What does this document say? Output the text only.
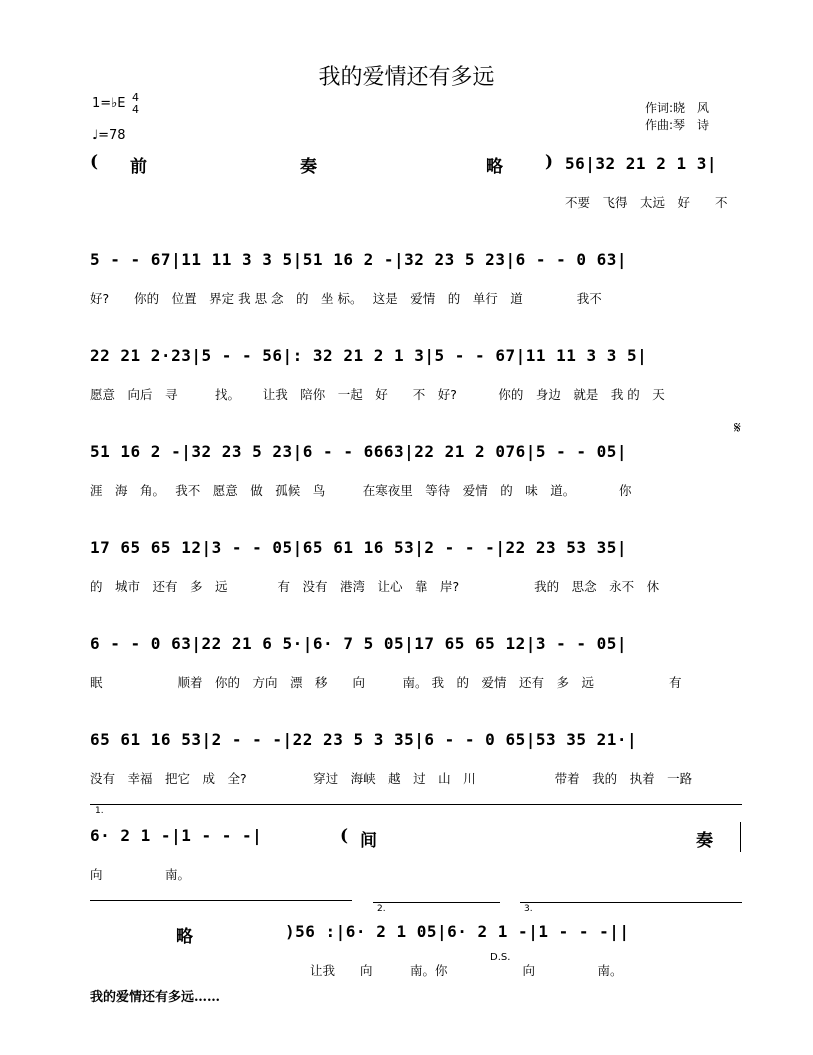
我的爱情还有多远
1=♭E 4
4
♩=78
作词:晓　风
作曲:琴　诗
( 前	奏	略 ) 56|32 21 2 1 3|
不要　飞得　太远　好　　不
5 - - 67|11 11 3 3 5|51 16 2 -|32 23 5 23|6 - - 0 63|
好?　　你的　位置　界定 我 思 念　的　坐 标。　 这是　爱情　的　单行　道　　　　 我不
22 21 2·23|5 - - 56|: 32 21 2 1 3|5 - - 67|11 11 3 3 5|
愿意　向后　寻　　　找。　　 让我　陪你　一起　好　　不　好?　　　 你的　身边　就是　我 的　天
𝄋
51 16 2 -|32 23 5 23|6 - - 6663|22 21 2 076|5 - - 05|
涯　海　角。　 我不　愿意　做　孤候　鸟　　　在寒夜里　等待　爱情　的　味　道。　　　　你
17 65 65 12|3 - - 05|65 61 16 53|2 - - -|22 23 53 35|
的　城市　还有　多　远　　　　有　没有　港湾　让心　靠　岸?　　　　　　我的　思念　永不　休
6 - - 0 63|22 21 6 5·|6· 7 5 05|17 65 65 12|3 - - 05|
眠　　　　　　顺着　你的　方向　漂　移　　向　　　南。 我　的　爱情　还有　多　远　　　　　　有
65 61 16 53|2 - - -|22 23 5 3 35|6 - - 0 65|53 35 21·|
没有　幸福　把它　成　全?　　　　　 穿过　海峡　越　过　山　川　　　　　　 带着　我的　执着　一路
1.
6· 2 1 -|1 - - -|	( 间	奏
向　　　　　南。
2.	3.
略	)56 :|6· 2 1 05|6· 2 1 -|1 - - -||
让我　　向　　　南。你　　　　　　向　　　　　南。
D.S.
我的爱情还有多远……
